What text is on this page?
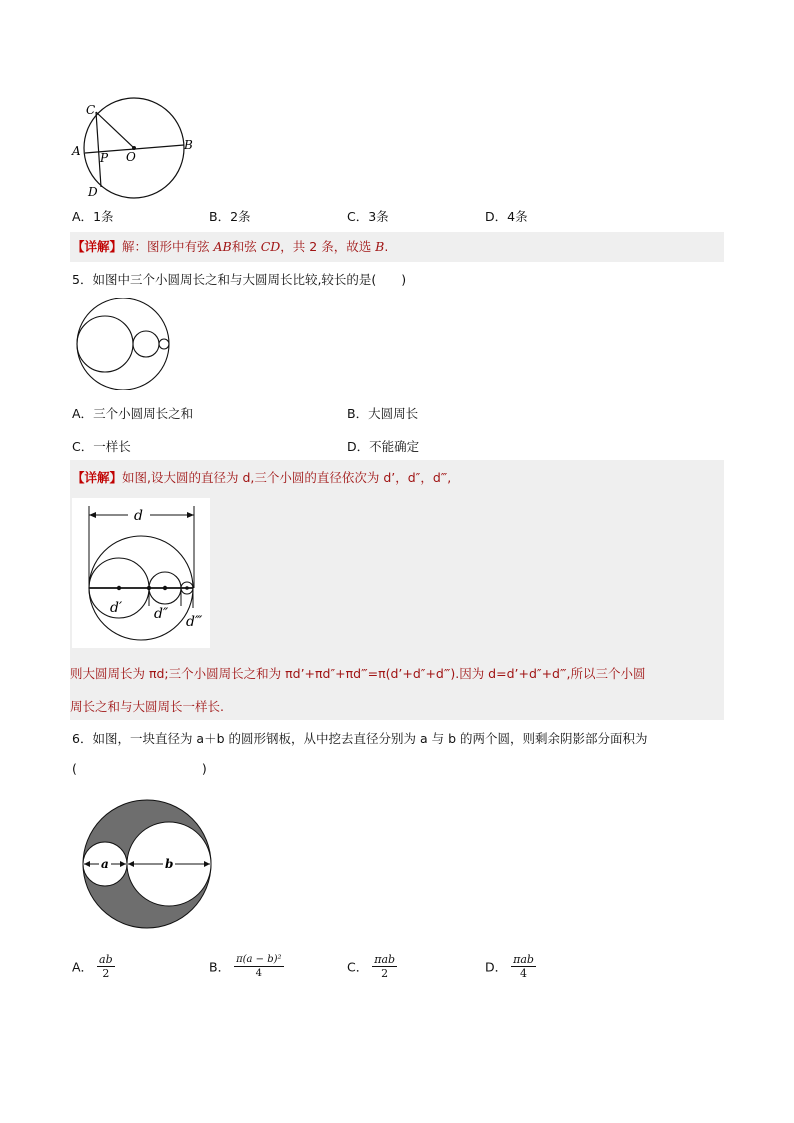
C
A P O
B
D
A．1条	B．2条	C．3条	D．4条
【详解】解：图形中有弦 AB和弦 CD，共 2 条，故选 B.
5．如图中三个小圆周长之和与大圆周长比较,较长的是(　　)
A．三个小圆周长之和	B．大圆周长
C．一样长	D．不能确定
【详解】如图,设大圆的直径为 d,三个小圆的直径依次为 d’，d″，d‴,
则大圆周长为 πd;三个小圆周长之和为 πd’+πd″+πd‴=π(d’+d″+d‴).因为 d=d’+d″+d‴,所以三个小圆
周长之和与大圆周长一样长.
d
d′ d″ d‴
6．如图，一块直径为 a＋b 的圆形钢板，从中挖去直径分别为 a 与 b 的两个圆，则剩余阴影部分面积为
(　　　　　　　　　　)
a	b
A． $\frac{ab}{2}$	B． $\frac{\text{π(a − b)²}}{4}$	C． $\frac{\text{πab}}{2}$	D． $\frac{\text{πab}}{4}$
